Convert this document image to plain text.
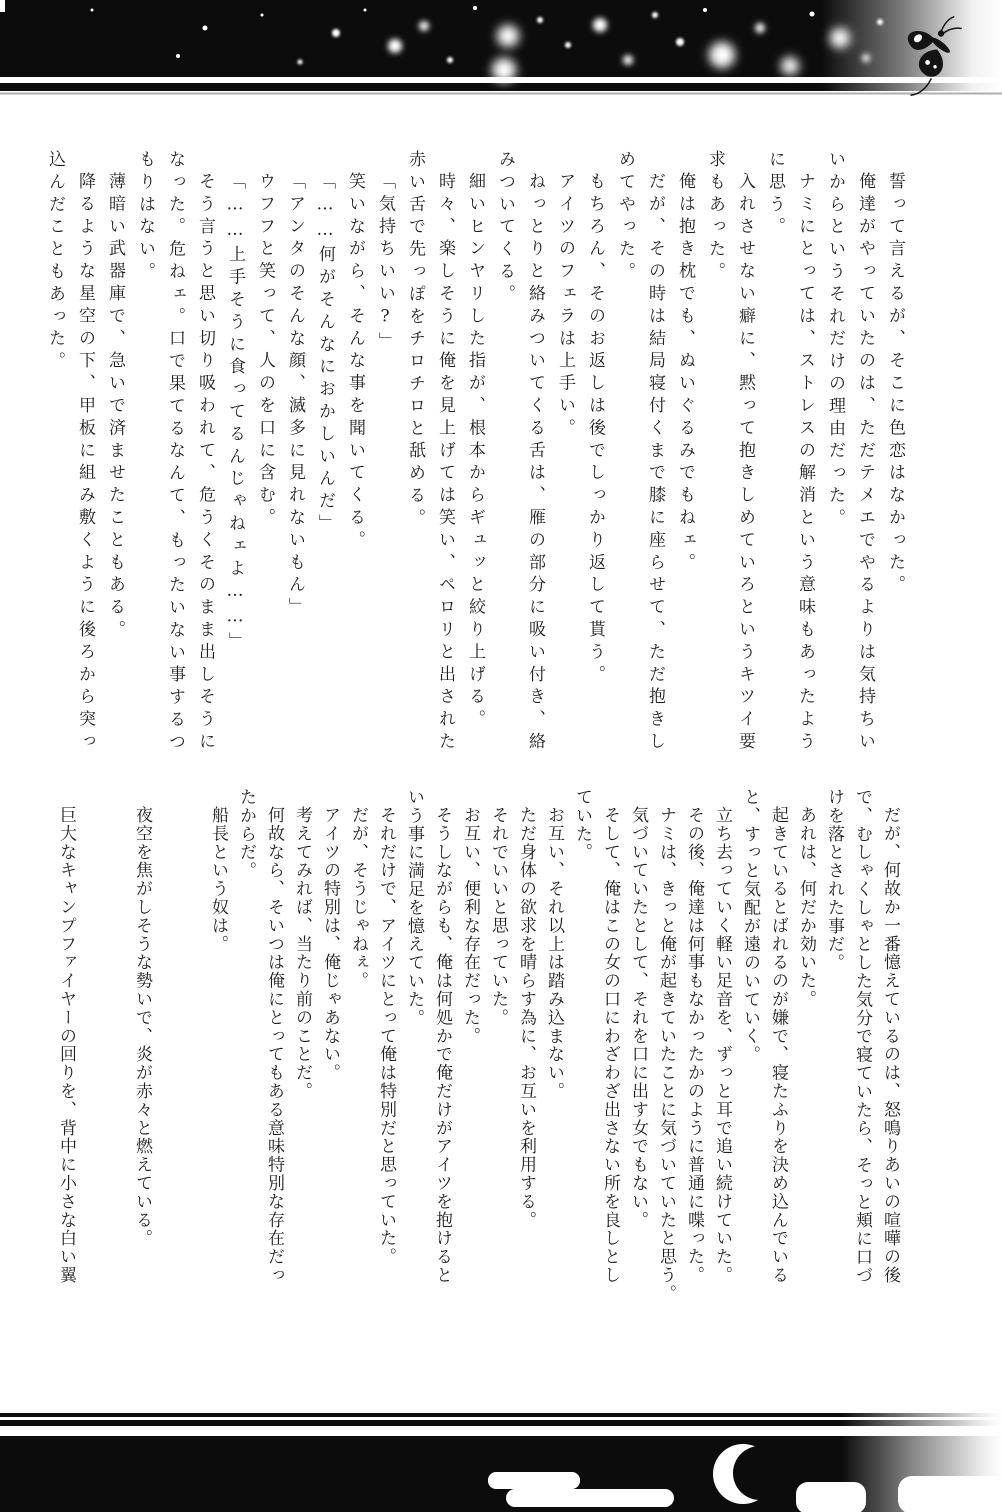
誓って言えるが、そこに色恋はなかった。
俺達がやっていたのは、ただテメエでやるよりは気持ちい
いからというそれだけの理由だった。
ナミにとっては、ストレスの解消という意味もあったよう
に思う。
入れさせない癖に、黙って抱きしめていろというキツイ要
求もあった。
俺は抱き枕でも、ぬいぐるみでもねェ。
だが、その時は結局寝付くまで膝に座らせて、ただ抱きし
めてやった。
もちろん、そのお返しは後でしっかり返して貰う。
アイツのフェラは上手い。
ねっとりと絡みついてくる舌は、雁の部分に吸い付き、絡
みついてくる。
細いヒンヤリした指が、根本からギュッと絞り上げる。
時々、楽しそうに俺を見上げては笑い、ペロリと出された
赤い舌で先っぽをチロチロと舐める。
「気持ちいい?」
笑いながら、そんな事を聞いてくる。
「……何がそんなにおかしいんだ」
「アンタのそんな顔、滅多に見れないもん」
ウフフと笑って、人のを口に含む。
「……上手そうに食ってるんじゃねェよ……」
そう言うと思い切り吸われて、危うくそのまま出しそうに
なった。危ねェ。口で果てるなんて、もったいない事するつ
もりはない。
薄暗い武器庫で、急いで済ませたこともある。
降るような星空の下、甲板に組み敷くように後ろから突っ
込んだこともあった。
だが、何故か一番憶えているのは、怒鳴りあいの喧嘩の後
で、むしゃくしゃとした気分で寝ていたら、そっと頬に口づ
けを落とされた事だ。
あれは、何だか効いた。
起きているとばれるのが嫌で、寝たふりを決め込んでいる
と、すっと気配が遠のいていく。
立ち去っていく軽い足音を、ずっと耳で追い続けていた。
その後、俺達は何事もなかったかのように普通に喋った。
ナミは、きっと俺が起きていたことに気づいていたと思う。
気づいていたとして、それを口に出す女でもない。
そして、俺はこの女の口にわざわざ出さない所を良しとし
ていた。
お互い、それ以上は踏み込まない。
ただ身体の欲求を晴らす為に、お互いを利用する。
それでいいと思っていた。
お互い、便利な存在だった。
そうしながらも、俺は何処かで俺だけがアイツを抱けると
いう事に満足を憶えていた。
それだけで、アイツにとって俺は特別だと思っていた。
だが、そうじゃねぇ。
アイツの特別は、俺じゃあない。
考えてみれば、当たり前のことだ。
何故なら、そいつは俺にとってもある意味特別な存在だっ
たからだ。
船長という奴は。
夜空を焦がしそうな勢いで、炎が赤々と燃えている。
巨大なキャンプファイヤーの回りを、背中に小さな白い翼
